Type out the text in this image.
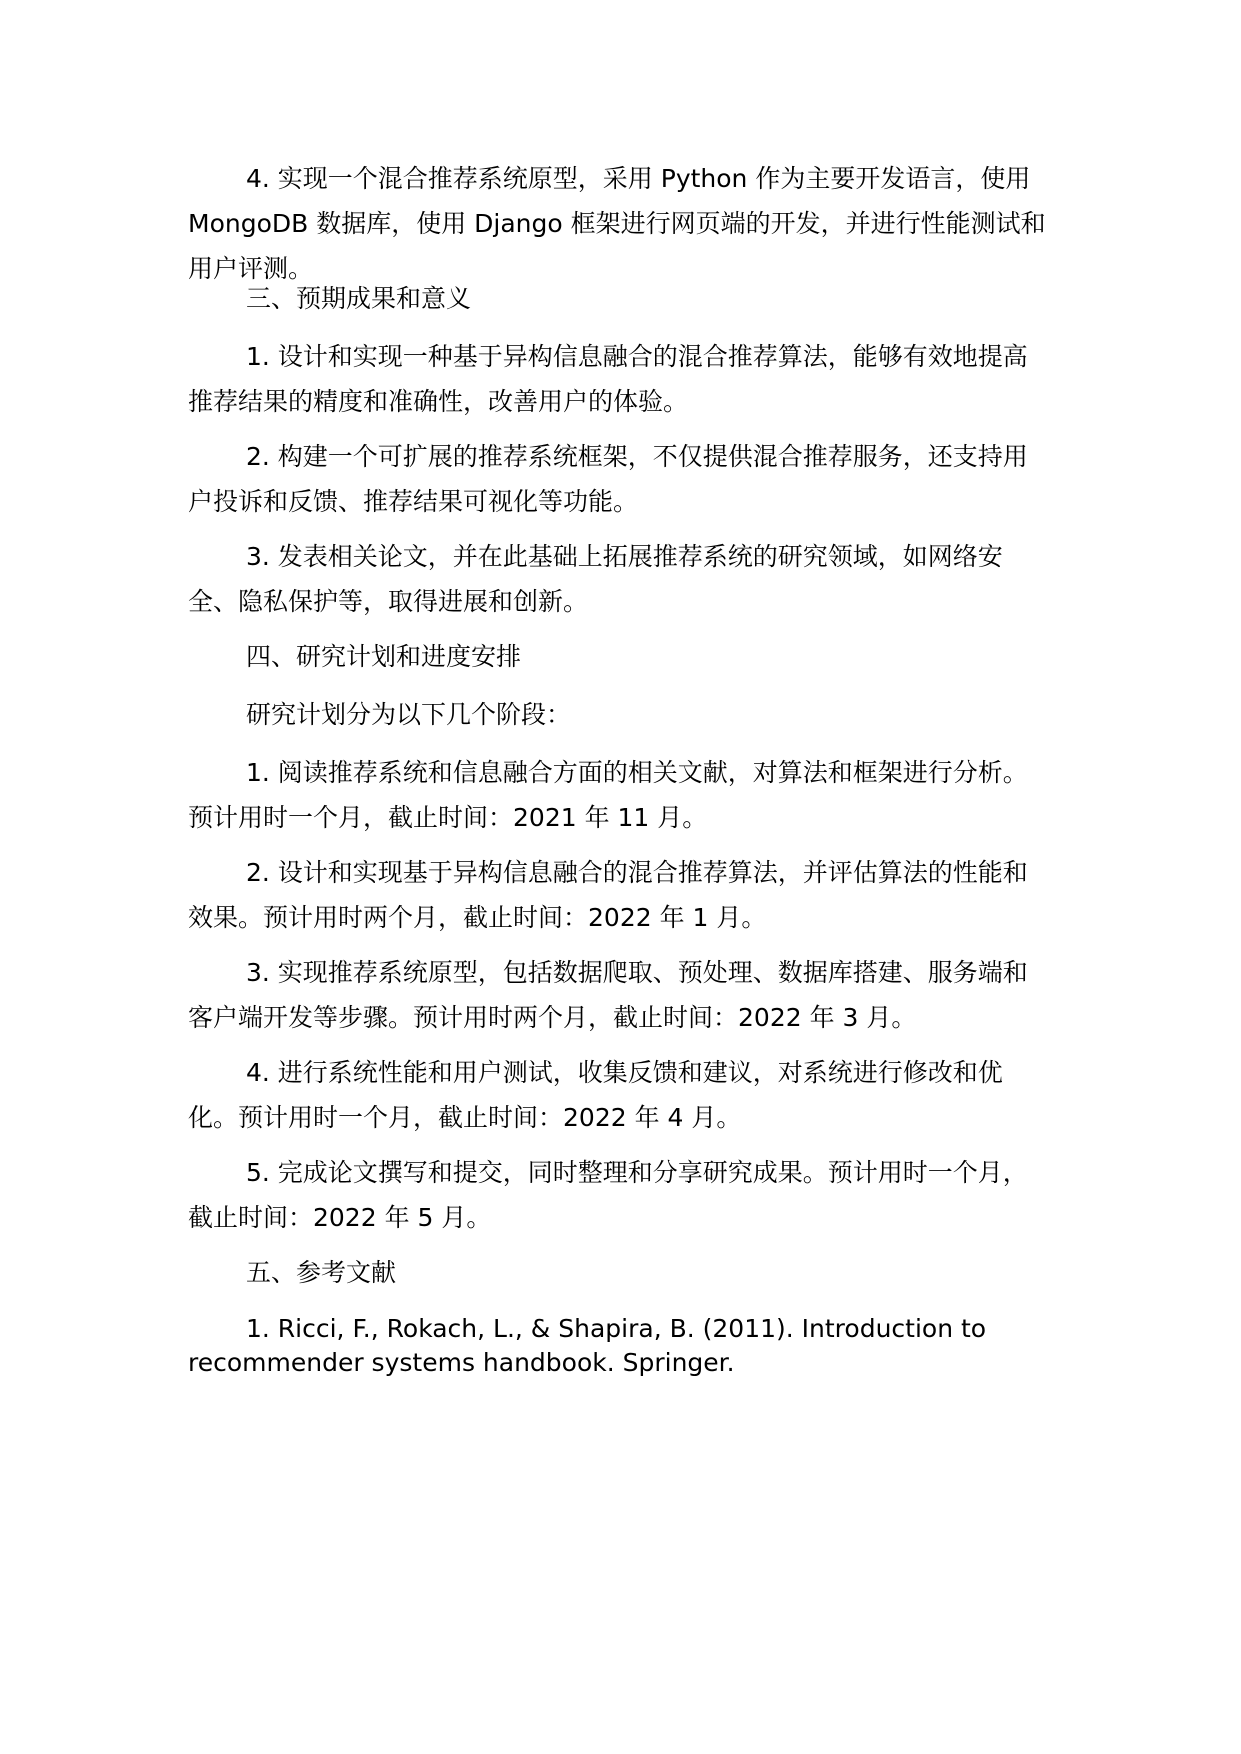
4. 实现一个混合推荐系统原型，采用 Python 作为主要开发语言，使用 MongoDB 数据库，使用 Django 框架进行网页端的开发，并进行性能测试和用户评测。

三、预期成果和意义

1. 设计和实现一种基于异构信息融合的混合推荐算法，能够有效地提高推荐结果的精度和准确性，改善用户的体验。

2. 构建一个可扩展的推荐系统框架，不仅提供混合推荐服务，还支持用户投诉和反馈、推荐结果可视化等功能。

3. 发表相关论文，并在此基础上拓展推荐系统的研究领域，如网络安全、隐私保护等，取得进展和创新。

四、研究计划和进度安排

研究计划分为以下几个阶段：

1. 阅读推荐系统和信息融合方面的相关文献，对算法和框架进行分析。预计用时一个月，截止时间：2021 年 11 月。

2. 设计和实现基于异构信息融合的混合推荐算法，并评估算法的性能和效果。预计用时两个月，截止时间：2022 年 1 月。

3. 实现推荐系统原型，包括数据爬取、预处理、数据库搭建、服务端和客户端开发等步骤。预计用时两个月，截止时间：2022 年 3 月。

4. 进行系统性能和用户测试，收集反馈和建议，对系统进行修改和优化。预计用时一个月，截止时间：2022 年 4 月。

5. 完成论文撰写和提交，同时整理和分享研究成果。预计用时一个月，截止时间：2022 年 5 月。

五、参考文献

1. Ricci, F., Rokach, L., & Shapira, B. (2011). Introduction to recommender systems handbook. Springer.
